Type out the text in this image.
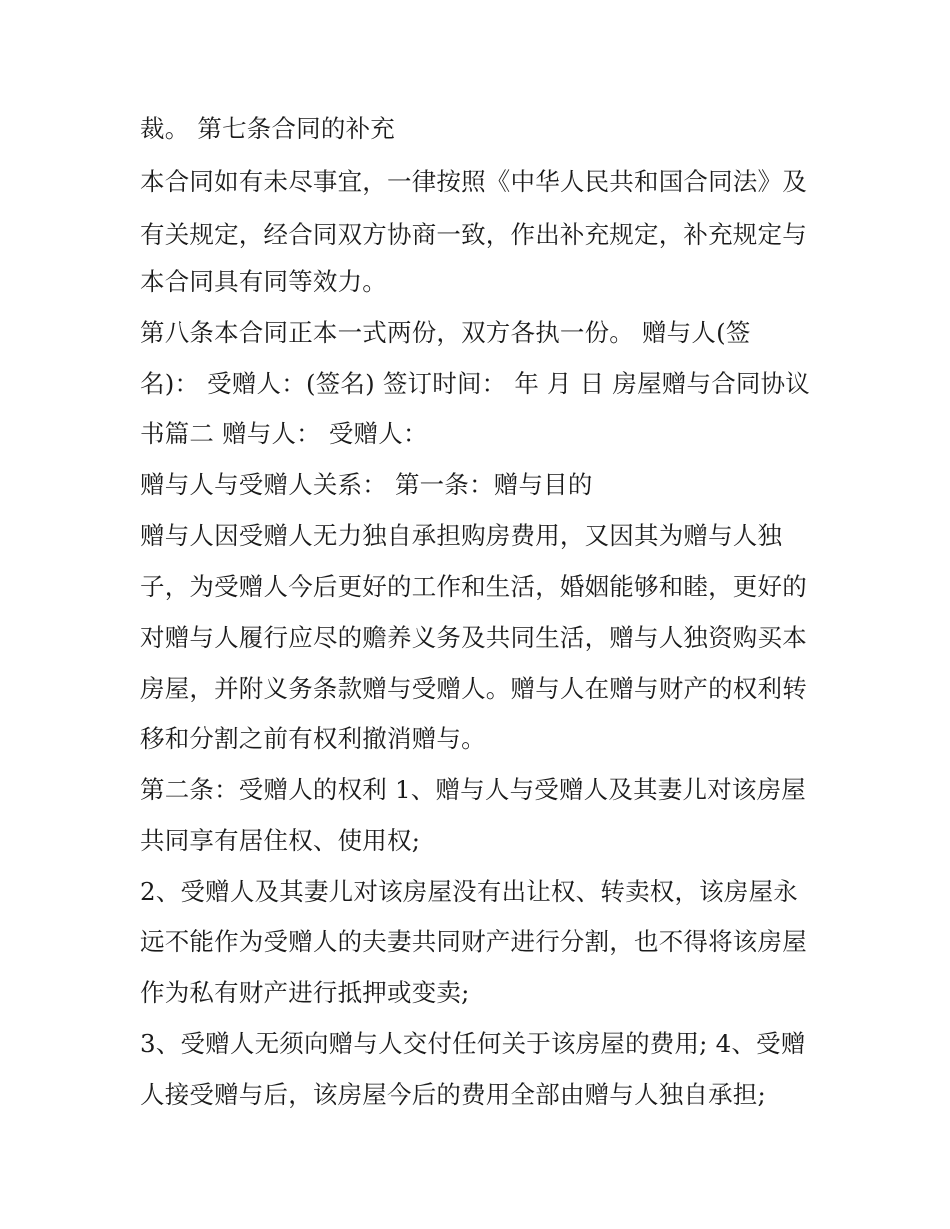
裁。 第七条合同的补充
本合同如有未尽事宜，一律按照《中华人民共和国合同法》及
有关规定，经合同双方协商一致，作出补充规定，补充规定与
本合同具有同等效力。
第八条本合同正本一式两份，双方各执一份。 赠与人(签
名)： 受赠人：(签名) 签订时间： 年 月 日 房屋赠与合同协议
书篇二 赠与人： 受赠人：
赠与人与受赠人关系： 第一条：赠与目的
赠与人因受赠人无力独自承担购房费用，又因其为赠与人独
子，为受赠人今后更好的工作和生活，婚姻能够和睦，更好的
对赠与人履行应尽的赡养义务及共同生活，赠与人独资购买本
房屋，并附义务条款赠与受赠人。赠与人在赠与财产的权利转
移和分割之前有权利撤消赠与。
第二条：受赠人的权利 1、赠与人与受赠人及其妻儿对该房屋
共同享有居住权、使用权;
2、受赠人及其妻儿对该房屋没有出让权、转卖权，该房屋永
远不能作为受赠人的夫妻共同财产进行分割，也不得将该房屋
作为私有财产进行抵押或变卖;
3、受赠人无须向赠与人交付任何关于该房屋的费用; 4、受赠
人接受赠与后，该房屋今后的费用全部由赠与人独自承担;
